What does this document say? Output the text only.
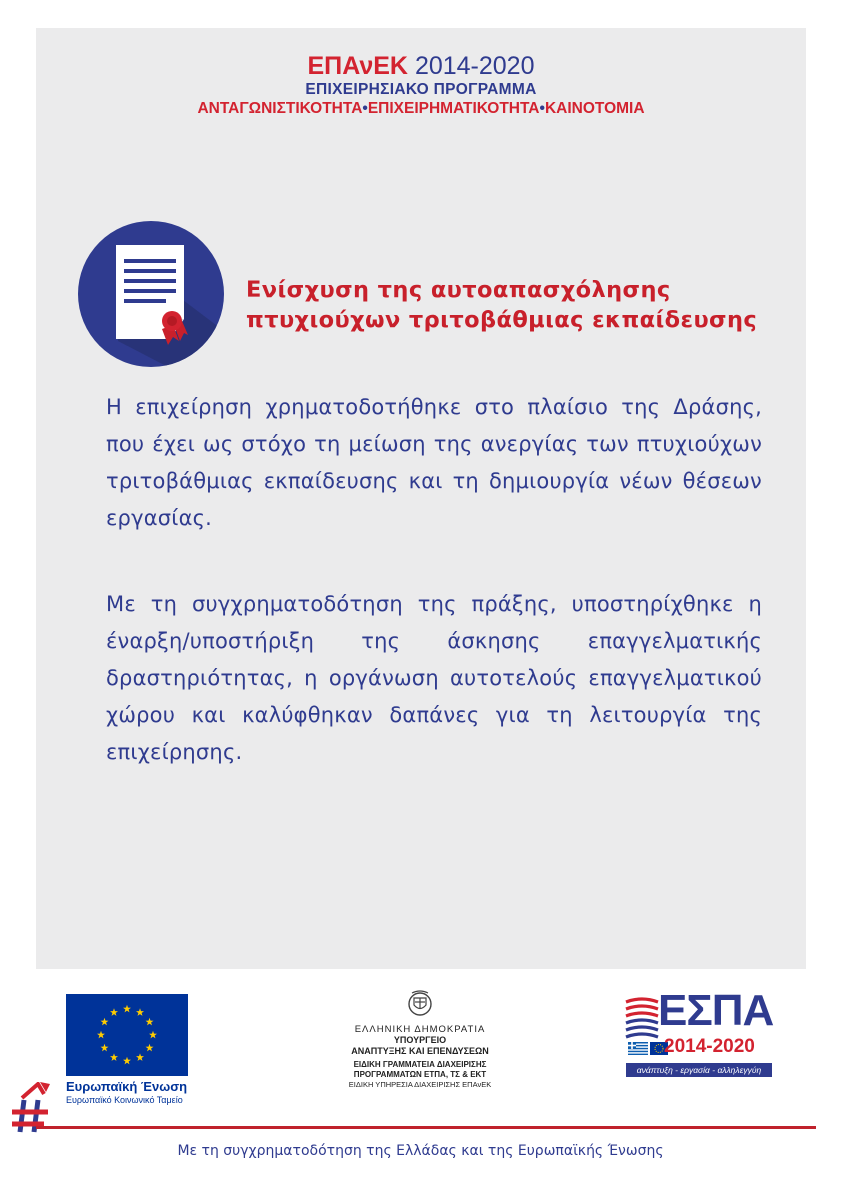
ΕΠΑνΕΚ 2014-2020
ΕΠΙΧΕΙΡΗΣΙΑΚΟ ΠΡΟΓΡΑΜΜΑ
ΑΝΤΑΓΩΝΙΣΤΙΚΟΤΗΤΑ•ΕΠΙΧΕΙΡΗΜΑΤΙΚΟΤΗΤΑ•ΚΑΙΝΟΤΟΜΙΑ
Ενίσχυση της αυτοαπασχόλησης
πτυχιούχων τριτοβάθμιας εκπαίδευσης
Η επιχείρηση χρηματοδοτήθηκε στο πλαίσιο της Δράσης, που έχει ως στόχο τη μείωση της ανεργίας των πτυχιούχων τριτοβάθμιας εκπαίδευσης και τη δημιουργία νέων θέσεων εργασίας.
Με τη συγχρηματοδότηση της πράξης, υποστηρίχθηκε η έναρξη/υποστήριξη της άσκησης επαγγελματικής δραστηριότητας, η οργάνωση αυτοτελούς επαγγελματικού χώρου και καλύφθηκαν δαπάνες για τη λειτουργία της επιχείρησης.
Ευρωπαϊκή Ένωση
Ευρωπαϊκό Κοινωνικό Ταμείο
ΕΛΛΗΝΙΚΗ ΔΗΜΟΚΡΑΤΙΑ
ΥΠΟΥΡΓΕΙΟ
ΑΝΑΠΤΥΞΗΣ ΚΑΙ ΕΠΕΝΔΥΣΕΩΝ
ΕΙΔΙΚΗ ΓΡΑΜΜΑΤΕΙΑ ΔΙΑΧΕΙΡΙΣΗΣ
ΠΡΟΓΡΑΜΜΑΤΩΝ ΕΤΠΑ, ΤΣ & ΕΚΤ
ΕΙΔΙΚΗ ΥΠΗΡΕΣΙΑ ΔΙΑΧΕΙΡΙΣΗΣ ΕΠΑνΕΚ
ΕΣΠΑ
2014-2020
ανάπτυξη - εργασία - αλληλεγγύη
Με τη συγχρηματοδότηση της Ελλάδας και της Ευρωπαϊκής Ένωσης
